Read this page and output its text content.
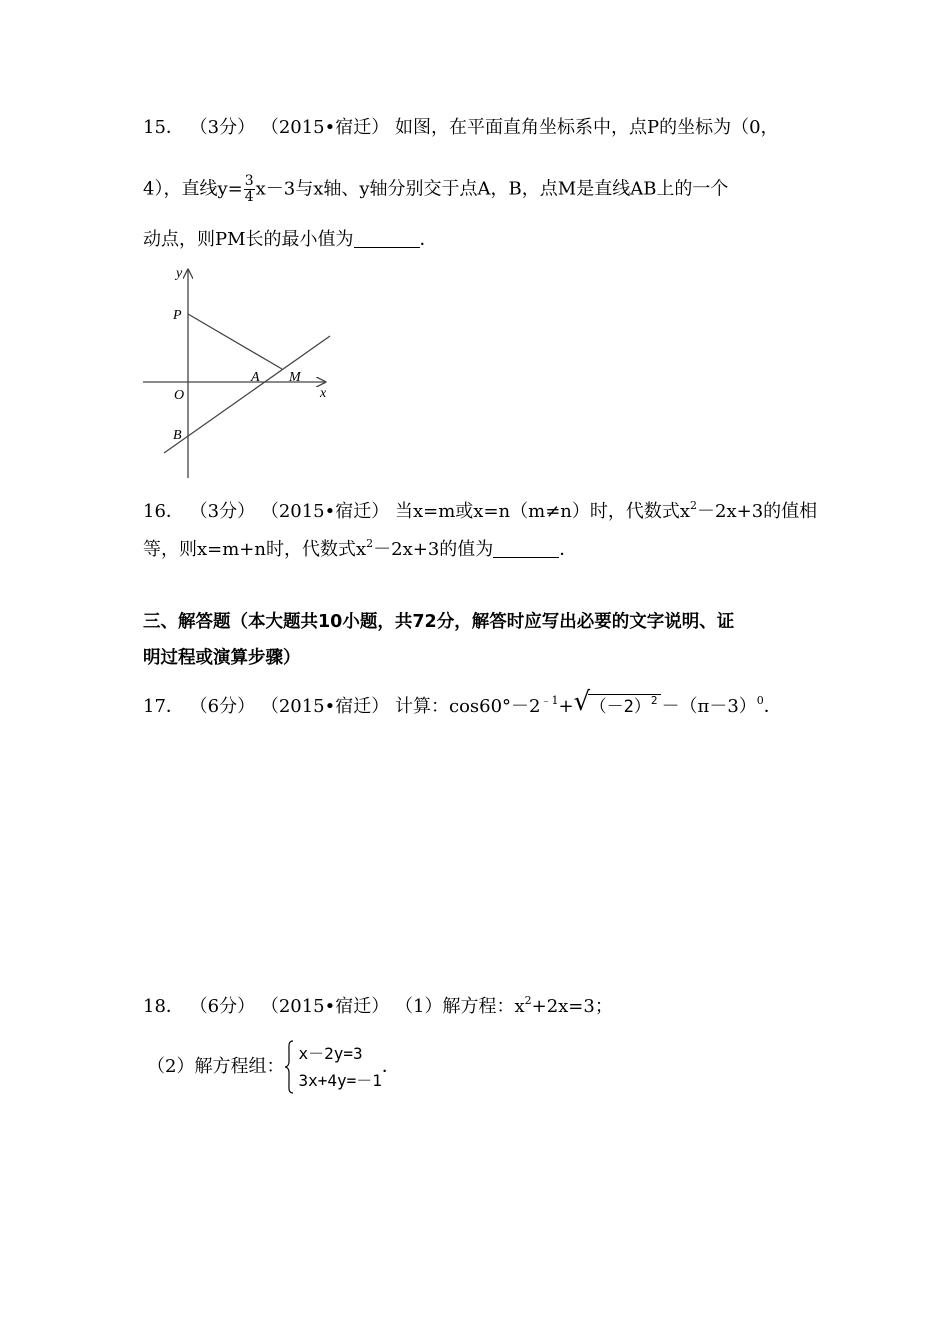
15． （3分） （2015•宿迁） 如图，在平面直角坐标系中，点P的坐标为（0，
4），直线$y= \frac{3}{4} x-3$与x轴、y轴分别交于点A，B，点M是直线AB上的一个
动点，则PM长的最小值为	．
y
x
P
O
A M
B
16． （3分） （2015•宿迁） 当x=m或x=n（m≠n）时，代数式$x^2-2x+3$的值相
等，则x=m+n时，代数式$x^2-2x+3$的值为	．
三、解答题（本大题共10小题，共72分，解答时应写出必要的文字说明、证
明过程或演算步骤）
17． （6分） （2015•宿迁） 计算：$\cos 60^\circ-2^{﹣1}+$ √ $(-2)^2 -(\pi-3)^0$．
18． （6分） （2015•宿迁） （1）解方程：$x^2+2x=3$；
（2）解方程组：
x－2y=3
3x+4y=－1
．
